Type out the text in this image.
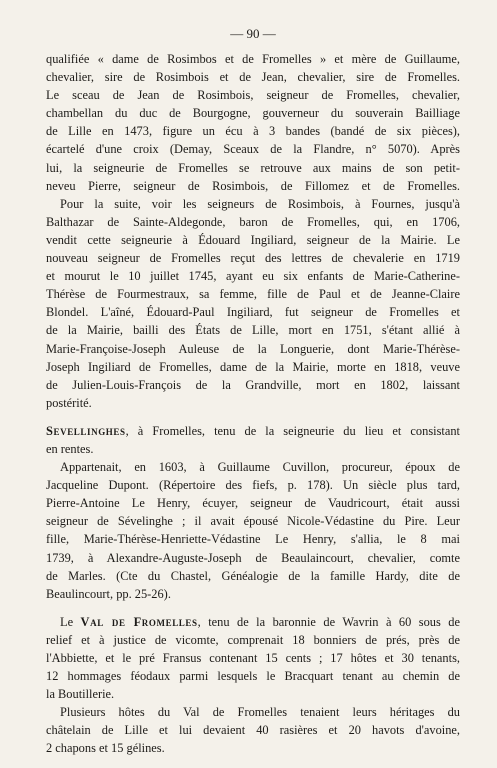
— 90 —
qualifiée « dame de Rosimbos et de Fromelles » et mère de Guillaume,
chevalier, sire de Rosimbois et de Jean, chevalier, sire de Fromelles.
Le sceau de Jean de Rosimbois, seigneur de Fromelles, chevalier,
chambellan du duc de Bourgogne, gouverneur du souverain Bailliage
de Lille en 1473, figure un écu à 3 bandes (bandé de six pièces),
écartelé d'une croix (Demay, Sceaux de la Flandre, n° 5070). Après
lui, la seigneurie de Fromelles se retrouve aux mains de son petit-
neveu Pierre, seigneur de Rosimbois, de Fillomez et de Fromelles.
Pour la suite, voir les seigneurs de Rosimbois, à Fournes, jusqu'à
Balthazar de Sainte-Aldegonde, baron de Fromelles, qui, en 1706,
vendit cette seigneurie à Édouard Ingiliard, seigneur de la Mairie. Le
nouveau seigneur de Fromelles reçut des lettres de chevalerie en 1719
et mourut le 10 juillet 1745, ayant eu six enfants de Marie-Catherine-
Thérèse de Fourmestraux, sa femme, fille de Paul et de Jeanne-Claire
Blondel. L'aîné, Édouard-Paul Ingiliard, fut seigneur de Fromelles et
de la Mairie, bailli des États de Lille, mort en 1751, s'étant allié à
Marie-Françoise-Joseph Auleuse de la Longuerie, dont Marie-Thérèse-
Joseph Ingiliard de Fromelles, dame de la Mairie, morte en 1818, veuve
de Julien-Louis-François de la Grandville, mort en 1802, laissant
postérité.
Sevellinghes, à Fromelles, tenu de la seigneurie du lieu et consistant
en rentes.
Appartenait, en 1603, à Guillaume Cuvillon, procureur, époux de
Jacqueline Dupont. (Répertoire des fiefs, p. 178). Un siècle plus tard,
Pierre-Antoine Le Henry, écuyer, seigneur de Vaudricourt, était aussi
seigneur de Sévelinghe ; il avait épousé Nicole-Védastine du Pire. Leur
fille, Marie-Thérèse-Henriette-Védastine Le Henry, s'allia, le 8 mai
1739, à Alexandre-Auguste-Joseph de Beaulaincourt, chevalier, comte
de Marles. (Cte du Chastel, Généalogie de la famille Hardy, dite de
Beaulincourt, pp. 25-26).
Le Val de Fromelles, tenu de la baronnie de Wavrin à 60 sous de
relief et à justice de vicomte, comprenait 18 bonniers de prés, près de
l'Abbiette, et le pré Fransus contenant 15 cents ; 17 hôtes et 30 tenants,
12 hommages féodaux parmi lesquels le Bracquart tenant au chemin de
la Boutillerie.
Plusieurs hôtes du Val de Fromelles tenaient leurs héritages du
châtelain de Lille et lui devaient 40 rasières et 20 havots d'avoine,
2 chapons et 15 gélines.
